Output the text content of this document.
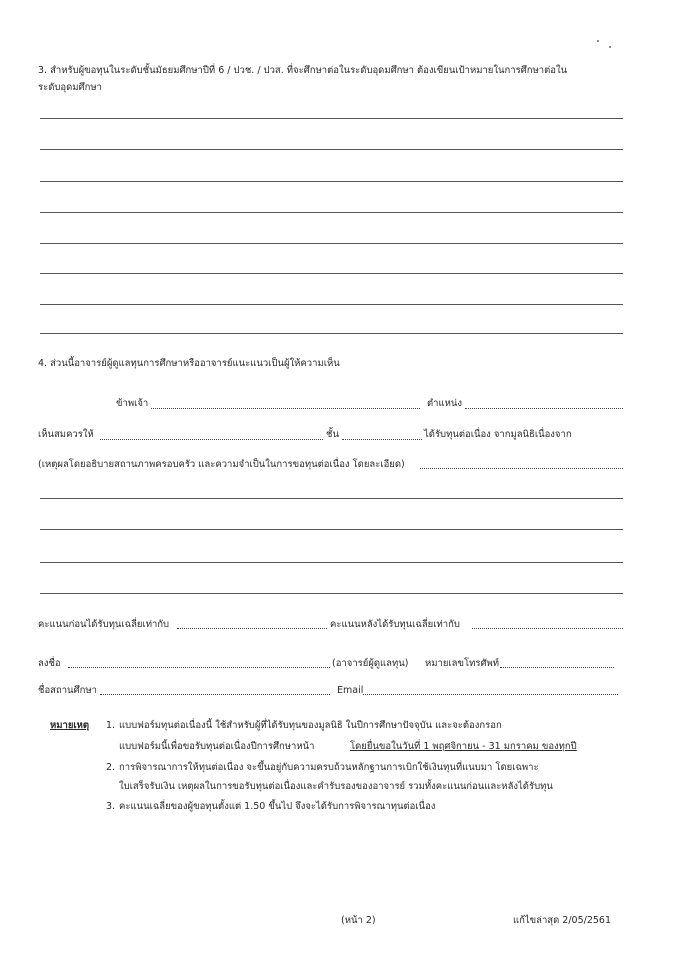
3. สำหรับผู้ขอทุนในระดับชั้นมัธยมศึกษาปีที่ 6 / ปวช. / ปวส. ที่จะศึกษาต่อในระดับอุดมศึกษา ต้องเขียนเป้าหมายในการศึกษาต่อใน
ระดับอุดมศึกษา
4. ส่วนนี้อาจารย์ผู้ดูแลทุนการศึกษาหรืออาจารย์แนะแนวเป็นผู้ให้ความเห็น
ข้าพเจ้า	ตำแหน่ง
เห็นสมควรให้	ชั้น	ได้รับทุนต่อเนื่อง จากมูลนิธิเนื่องจาก
(เหตุผลโดยอธิบายสถานภาพครอบครัว และความจำเป็นในการขอทุนต่อเนื่อง โดยละเอียด)
คะแนนก่อนได้รับทุนเฉลี่ยเท่ากับ	คะแนนหลังได้รับทุนเฉลี่ยเท่ากับ
ลงชื่อ	(อาจารย์ผู้ดูแลทุน) หมายเลขโทรศัพท์
ชื่อสถานศึกษา	Email
หมายเหตุ 1. แบบฟอร์มทุนต่อเนื่องนี้ ใช้สำหรับผู้ที่ได้รับทุนของมูลนิธิ ในปีการศึกษาปัจจุบัน และจะต้องกรอก
แบบฟอร์มนี้เพื่อขอรับทุนต่อเนื่องปีการศึกษาหน้า	โดยยื่นขอในวันที่ 1 พฤศจิกายน - 31 มกราคม ของทุกปี
2. การพิจารณาการให้ทุนต่อเนื่อง จะขึ้นอยู่กับความครบถ้วนหลักฐานการเบิกใช้เงินทุนที่แนบมา โดยเฉพาะ
ใบเสร็จรับเงิน เหตุผลในการขอรับทุนต่อเนื่องและคำรับรองของอาจารย์ รวมทั้งคะแนนก่อนและหลังได้รับทุน
3. คะแนนเฉลี่ยของผู้ขอทุนตั้งแต่ 1.50 ขึ้นไป จึงจะได้รับการพิจารณาทุนต่อเนื่อง
(หน้า 2)	แก้ไขล่าสุด 2/05/2561
